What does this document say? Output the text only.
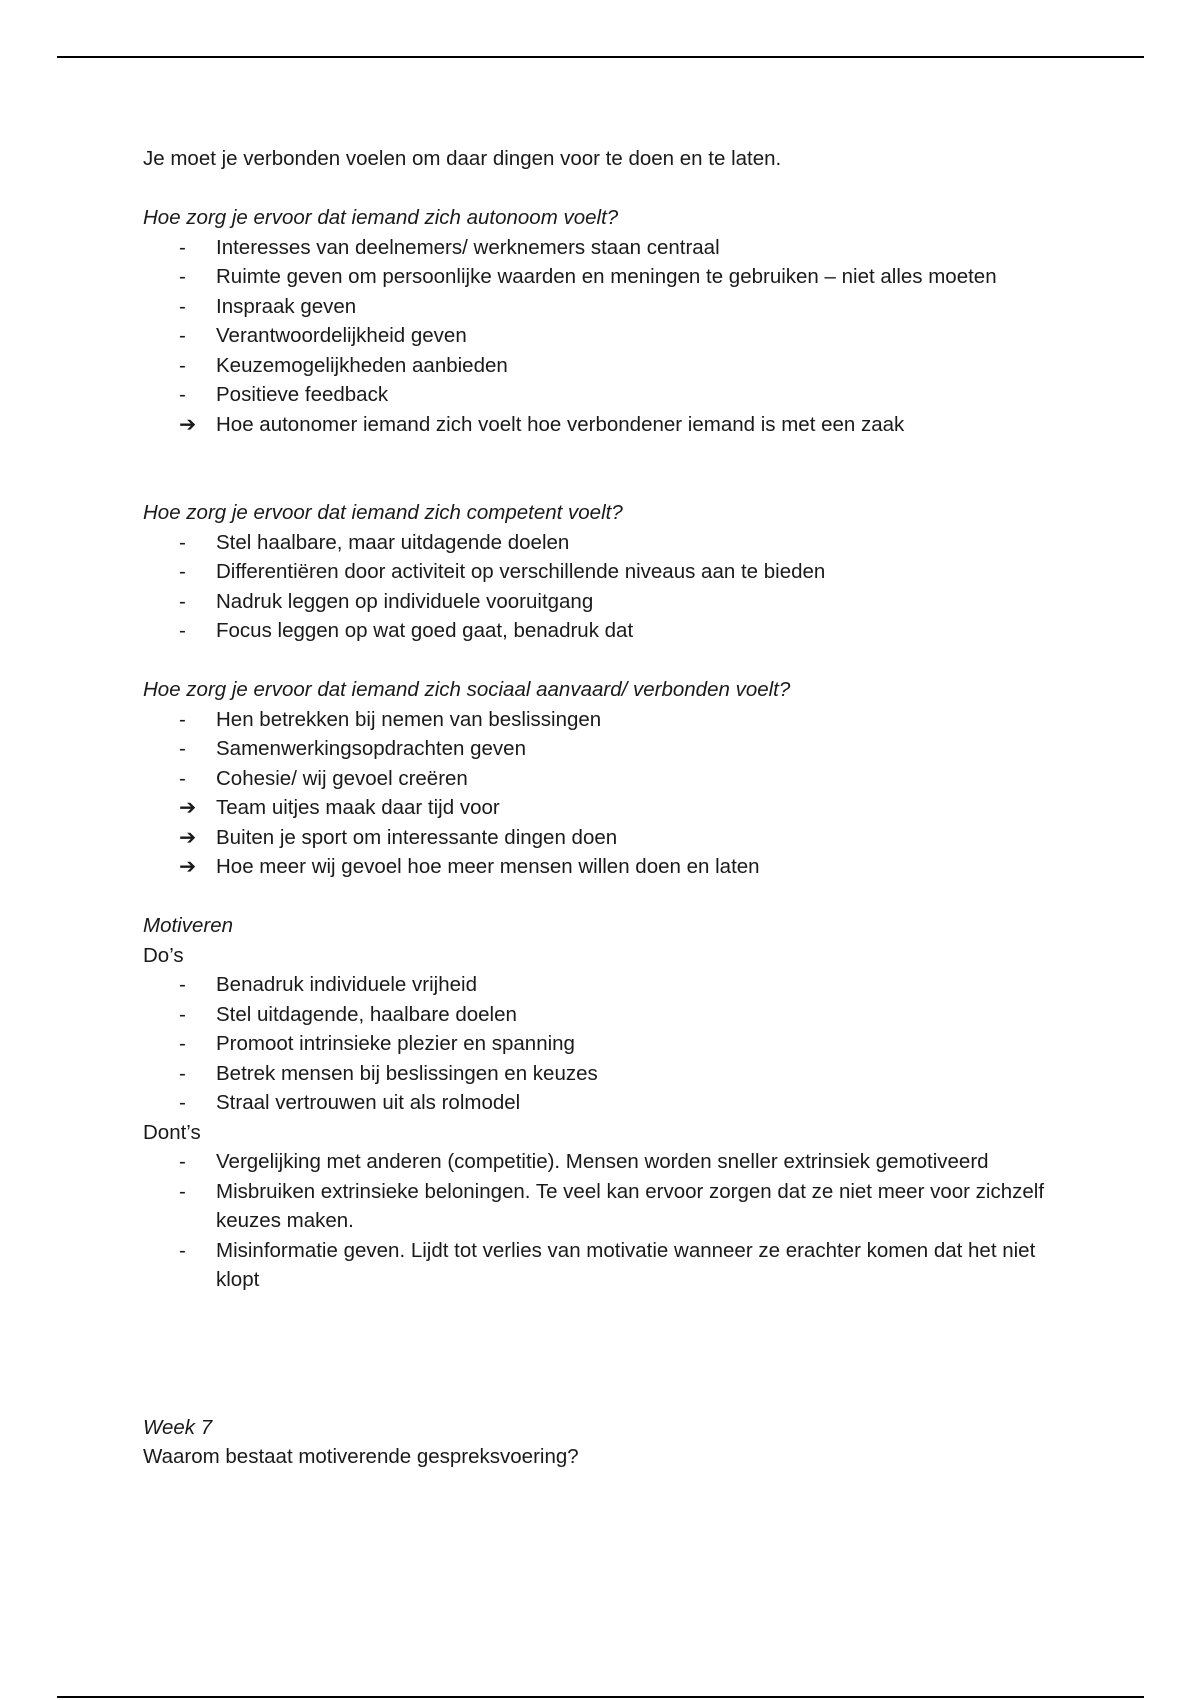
Je moet je verbonden voelen om daar dingen voor te doen en te laten.

Hoe zorg je ervoor dat iemand zich autonoom voelt?

-	Interesses van deelnemers/ werknemers staan centraal
-	Ruimte geven om persoonlijke waarden en meningen te gebruiken – niet alles moeten
-	Inspraak geven
-	Verantwoordelijkheid geven
-	Keuzemogelijkheden aanbieden
-	Positieve feedback
➔ Hoe autonomer iemand zich voelt hoe verbondener iemand is met een zaak

Hoe zorg je ervoor dat iemand zich competent voelt?

-	Stel haalbare, maar uitdagende doelen
-	Differentiëren door activiteit op verschillende niveaus aan te bieden
-	Nadruk leggen op individuele vooruitgang
-	Focus leggen op wat goed gaat, benadruk dat

Hoe zorg je ervoor dat iemand zich sociaal aanvaard/ verbonden voelt?

-	Hen betrekken bij nemen van beslissingen
-	Samenwerkingsopdrachten geven
-	Cohesie/ wij gevoel creëren
➔ Team uitjes maak daar tijd voor
➔ Buiten je sport om interessante dingen doen
➔ Hoe meer wij gevoel hoe meer mensen willen doen en laten

Motiveren

Do’s

-	Benadruk individuele vrijheid
-	Stel uitdagende, haalbare doelen
-	Promoot intrinsieke plezier en spanning
-	Betrek mensen bij beslissingen en keuzes
-	Straal vertrouwen uit als rolmodel

Dont’s

-	Vergelijking met anderen (competitie). Mensen worden sneller extrinsiek gemotiveerd
-	Misbruiken extrinsieke beloningen. Te veel kan ervoor zorgen dat ze niet meer voor zichzelf keuzes maken.
-	Misinformatie geven. Lijdt tot verlies van motivatie wanneer ze erachter komen dat het niet klopt

Week 7

Waarom bestaat motiverende gespreksvoering?
